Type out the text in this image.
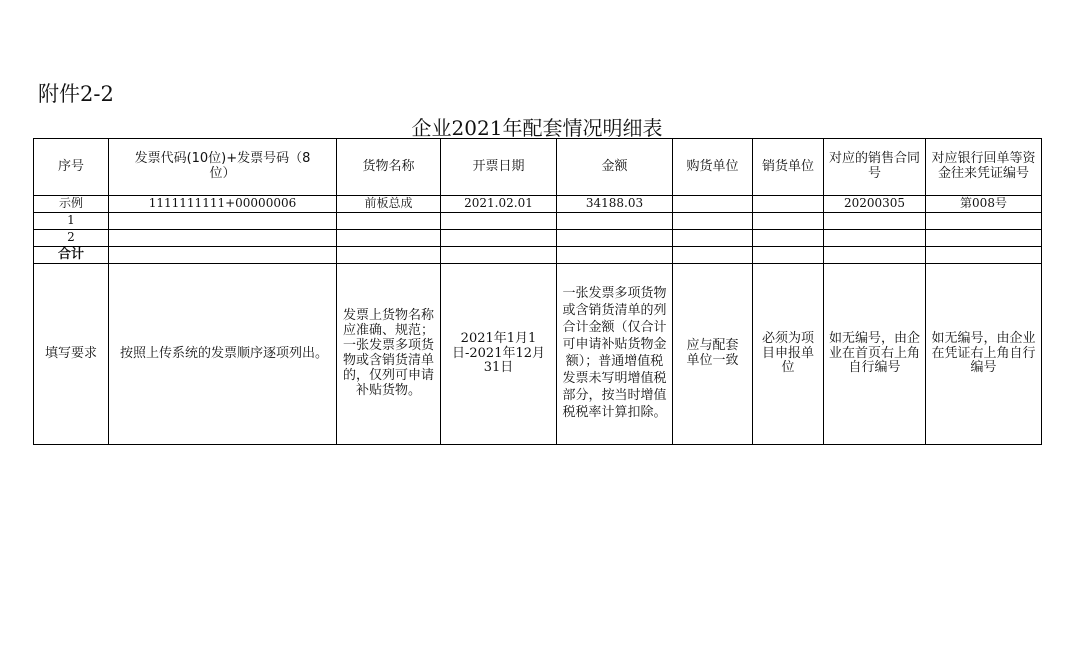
附件2-2
企业2021年配套情况明细表
序号	发票代码(10位)+发票号码（8位）	货物名称	开票日期	金额	购货单位	销货单位	对应的销售合同号	对应银行回单等资金往来凭证编号
示例	1111111111+00000006	前板总成	2021.02.01	34188.03			20200305	第008号
1								
2								
合计								
填写要求	按照上传系统的发票顺序逐项列出。	发票上货物名称应准确、规范；一张发票多项货物或含销货清单的，仅列可申请补贴货物。	2021年1月1日-2021年12月31日	一张发票多项货物或含销货清单的列合计金额（仅合计可申请补贴货物金额）；普通增值税发票未写明增值税部分，按当时增值税税率计算扣除。	应与配套单位一致	必须为项目申报单位	如无编号，由企业在首页右上角自行编号	如无编号，由企业在凭证右上角自行编号
